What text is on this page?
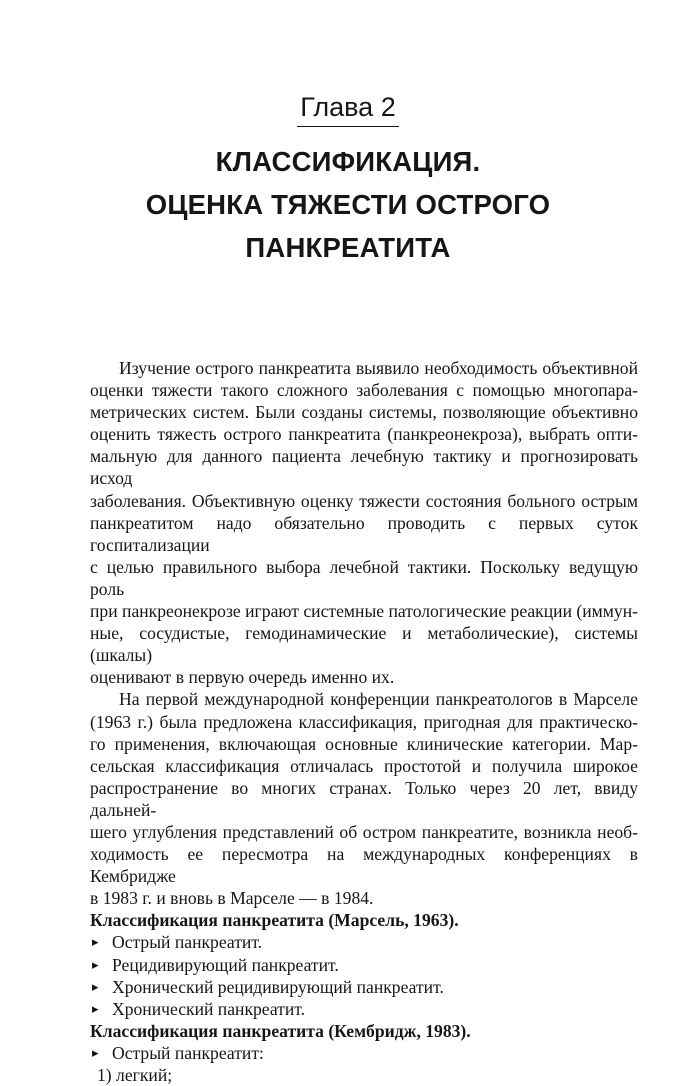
Глава 2
КЛАССИФИКАЦИЯ.
ОЦЕНКА ТЯЖЕСТИ ОСТРОГО
ПАНКРЕАТИТА

Изучение острого панкреатита выявило необходимость объективной
оценки тяжести такого сложного заболевания с помощью многопара-
метрических систем. Были созданы системы, позволяющие объективно
оценить тяжесть острого панкреатита (панкреонекроза), выбрать опти-
мальную для данного пациента лечебную тактику и прогнозировать исход
заболевания. Объективную оценку тяжести состояния больного острым
панкреатитом надо обязательно проводить с первых суток госпитализации
с целью правильного выбора лечебной тактики. Поскольку ведущую роль
при панкреонекрозе играют системные патологические реакции (иммун-
ные, сосудистые, гемодинамические и метаболические), системы (шкалы)
оценивают в первую очередь именно их.

На первой международной конференции панкреатологов в Марселе
(1963 г.) была предложена классификация, пригодная для практическо-
го применения, включающая основные клинические категории. Мар-
сельская классификация отличалась простотой и получила широкое
распространение во многих странах. Только через 20 лет, ввиду дальней-
шего углубления представлений об остром панкреатите, возникла необ-
ходимость ее пересмотра на международных конференциях в Кембридже
в 1983 г. и вновь в Марселе — в 1984.

Классификация панкреатита (Марсель, 1963).

▸ Острый панкреатит.
▸ Рецидивирующий панкреатит.
▸ Хронический рецидивирующий панкреатит.
▸ Хронический панкреатит.

Классификация панкреатита (Кембридж, 1983).

▸ Острый панкреатит:
1) легкий;
